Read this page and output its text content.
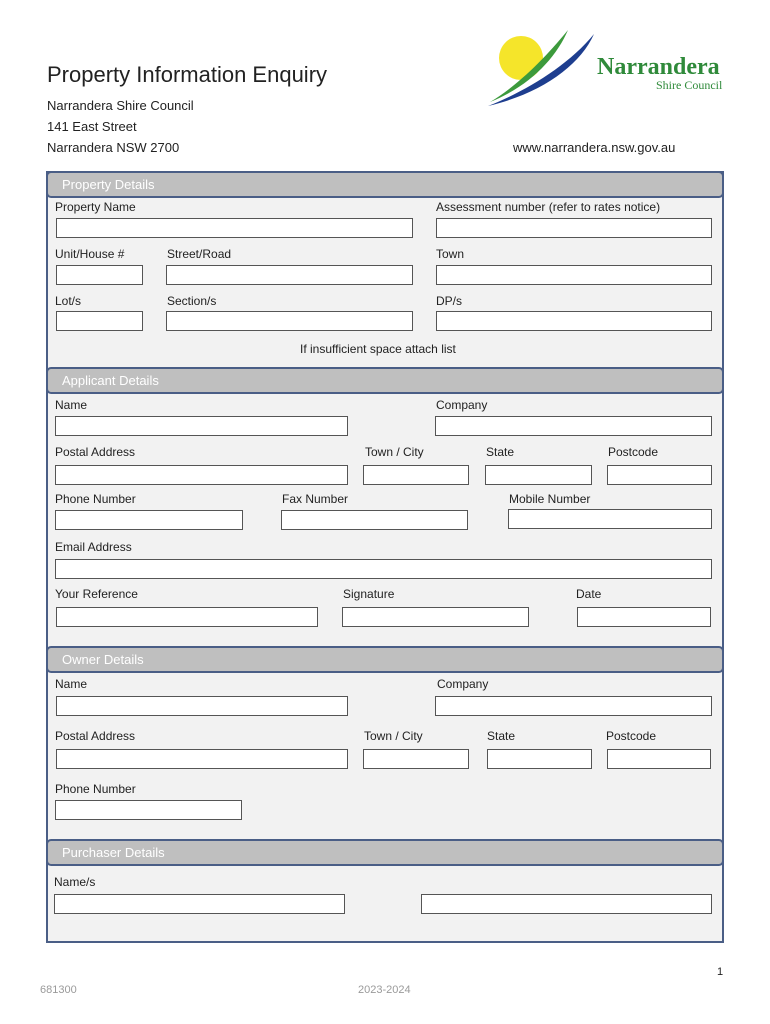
Property Information Enquiry
Narrandera Shire Council
141 East Street
Narrandera NSW 2700	www.narrandera.nsw.gov.au
Narrandera
Shire Council
Property Details
Property Name	Assessment number (refer to rates notice)
Unit/House #	Street/Road	Town
Lot/s	Section/s	DP/s
If insufficient space attach list
Applicant Details
Name	Company
Postal Address	Town / City	State	Postcode
Phone Number	Fax Number	Mobile Number
Email Address
Your Reference	Signature	Date
Owner Details
Name	Company
Postal Address	Town / City	State	Postcode
Phone Number
Purchaser Details
Name/s
1
681300	2023-2024
